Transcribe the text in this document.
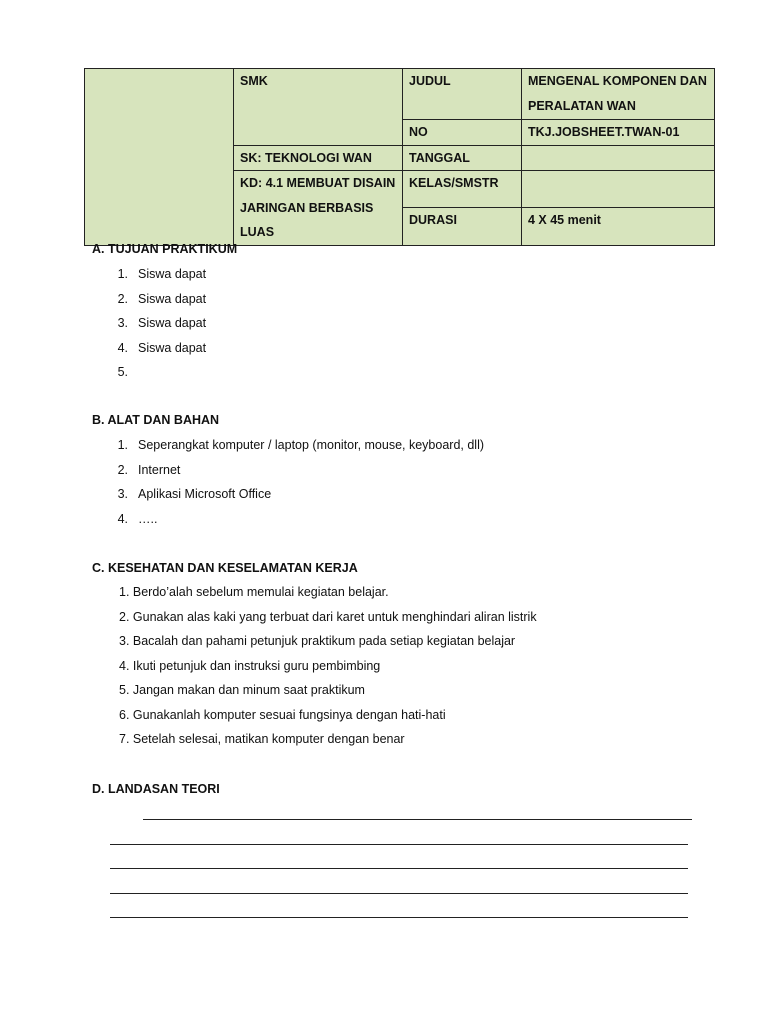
	SMK	JUDUL	MENGENAL KOMPONEN DAN PERALATAN WAN
		NO	TKJ.JOBSHEET.TWAN-01
	SK: TEKNOLOGI WAN	TANGGAL	
	KD: 4.1 MEMBUAT DISAIN JARINGAN BERBASIS LUAS	KELAS/SMSTR	
		DURASI	4 X 45 menit
A. TUJUAN PRAKTIKUM
1. Siswa dapat
2. Siswa dapat
3. Siswa dapat
4. Siswa dapat
5.
B. ALAT DAN BAHAN
1. Seperangkat komputer / laptop (monitor, mouse, keyboard, dll)
2. Internet
3. Aplikasi Microsoft Office
4. …..
C. KESEHATAN DAN KESELAMATAN KERJA
1. Berdo’alah sebelum memulai kegiatan belajar.
2. Gunakan alas kaki yang terbuat dari karet untuk menghindari aliran listrik
3. Bacalah dan pahami petunjuk praktikum pada setiap kegiatan belajar
4. Ikuti petunjuk dan instruksi guru pembimbing
5. Jangan makan dan minum saat praktikum
6. Gunakanlah komputer sesuai fungsinya dengan hati-hati
7. Setelah selesai, matikan komputer dengan benar
D. LANDASAN TEORI
